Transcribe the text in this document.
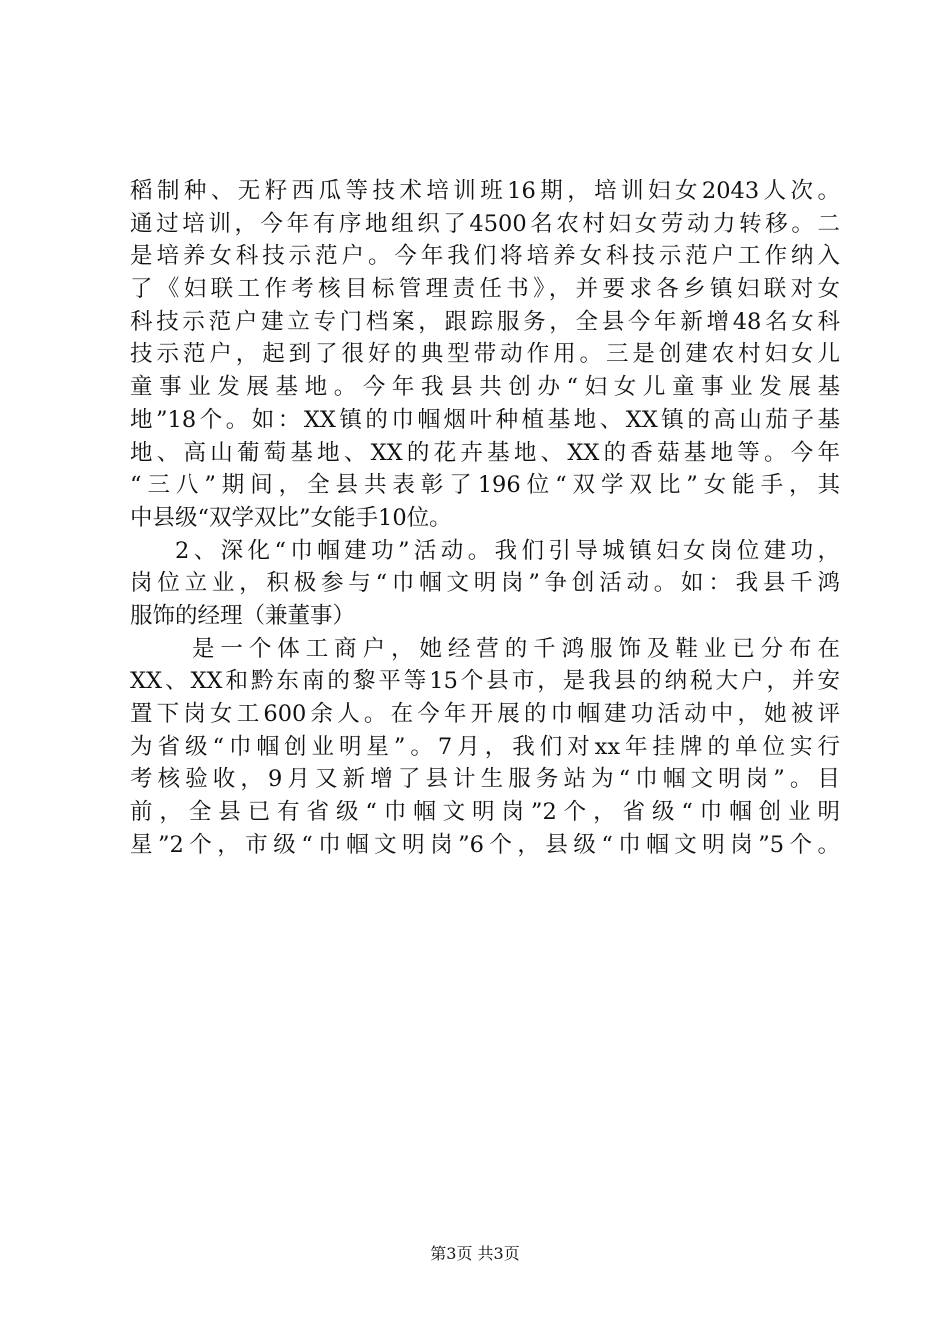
稻制种、无籽西瓜等技术培训班16期，培训妇女2043人次。
通过培训，今年有序地组织了4500名农村妇女劳动力转移。二
是培养女科技示范户。今年我们将培养女科技示范户工作纳入
了《妇联工作考核目标管理责任书》，并要求各乡镇妇联对女
科技示范户建立专门档案，跟踪服务，全县今年新增48名女科
技示范户，起到了很好的典型带动作用。三是创建农村妇女儿
童事业发展基地。今年我县共创办“妇女儿童事业发展基
地”18个。如：XX镇的巾帼烟叶种植基地、XX镇的高山茄子基
地、高山葡萄基地、XX的花卉基地、XX的香菇基地等。今年
“三八”期间，全县共表彰了196位“双学双比”女能手，其
中县级“双学双比”女能手10位。
2、深化“巾帼建功”活动。我们引导城镇妇女岗位建功，
岗位立业，积极参与“巾帼文明岗”争创活动。如：我县千鸿
服饰的经理（兼董事）
是一个体工商户，她经营的千鸿服饰及鞋业已分布在
XX、XX和黔东南的黎平等15个县市，是我县的纳税大户，并安
置下岗女工600余人。在今年开展的巾帼建功活动中，她被评
为省级“巾帼创业明星”。7月，我们对xx年挂牌的单位实行
考核验收，9月又新增了县计生服务站为“巾帼文明岗”。目
前，全县已有省级“巾帼文明岗”2个，省级“巾帼创业明
星”2个，市级“巾帼文明岗”6个，县级“巾帼文明岗”5个。
第3页 共3页
